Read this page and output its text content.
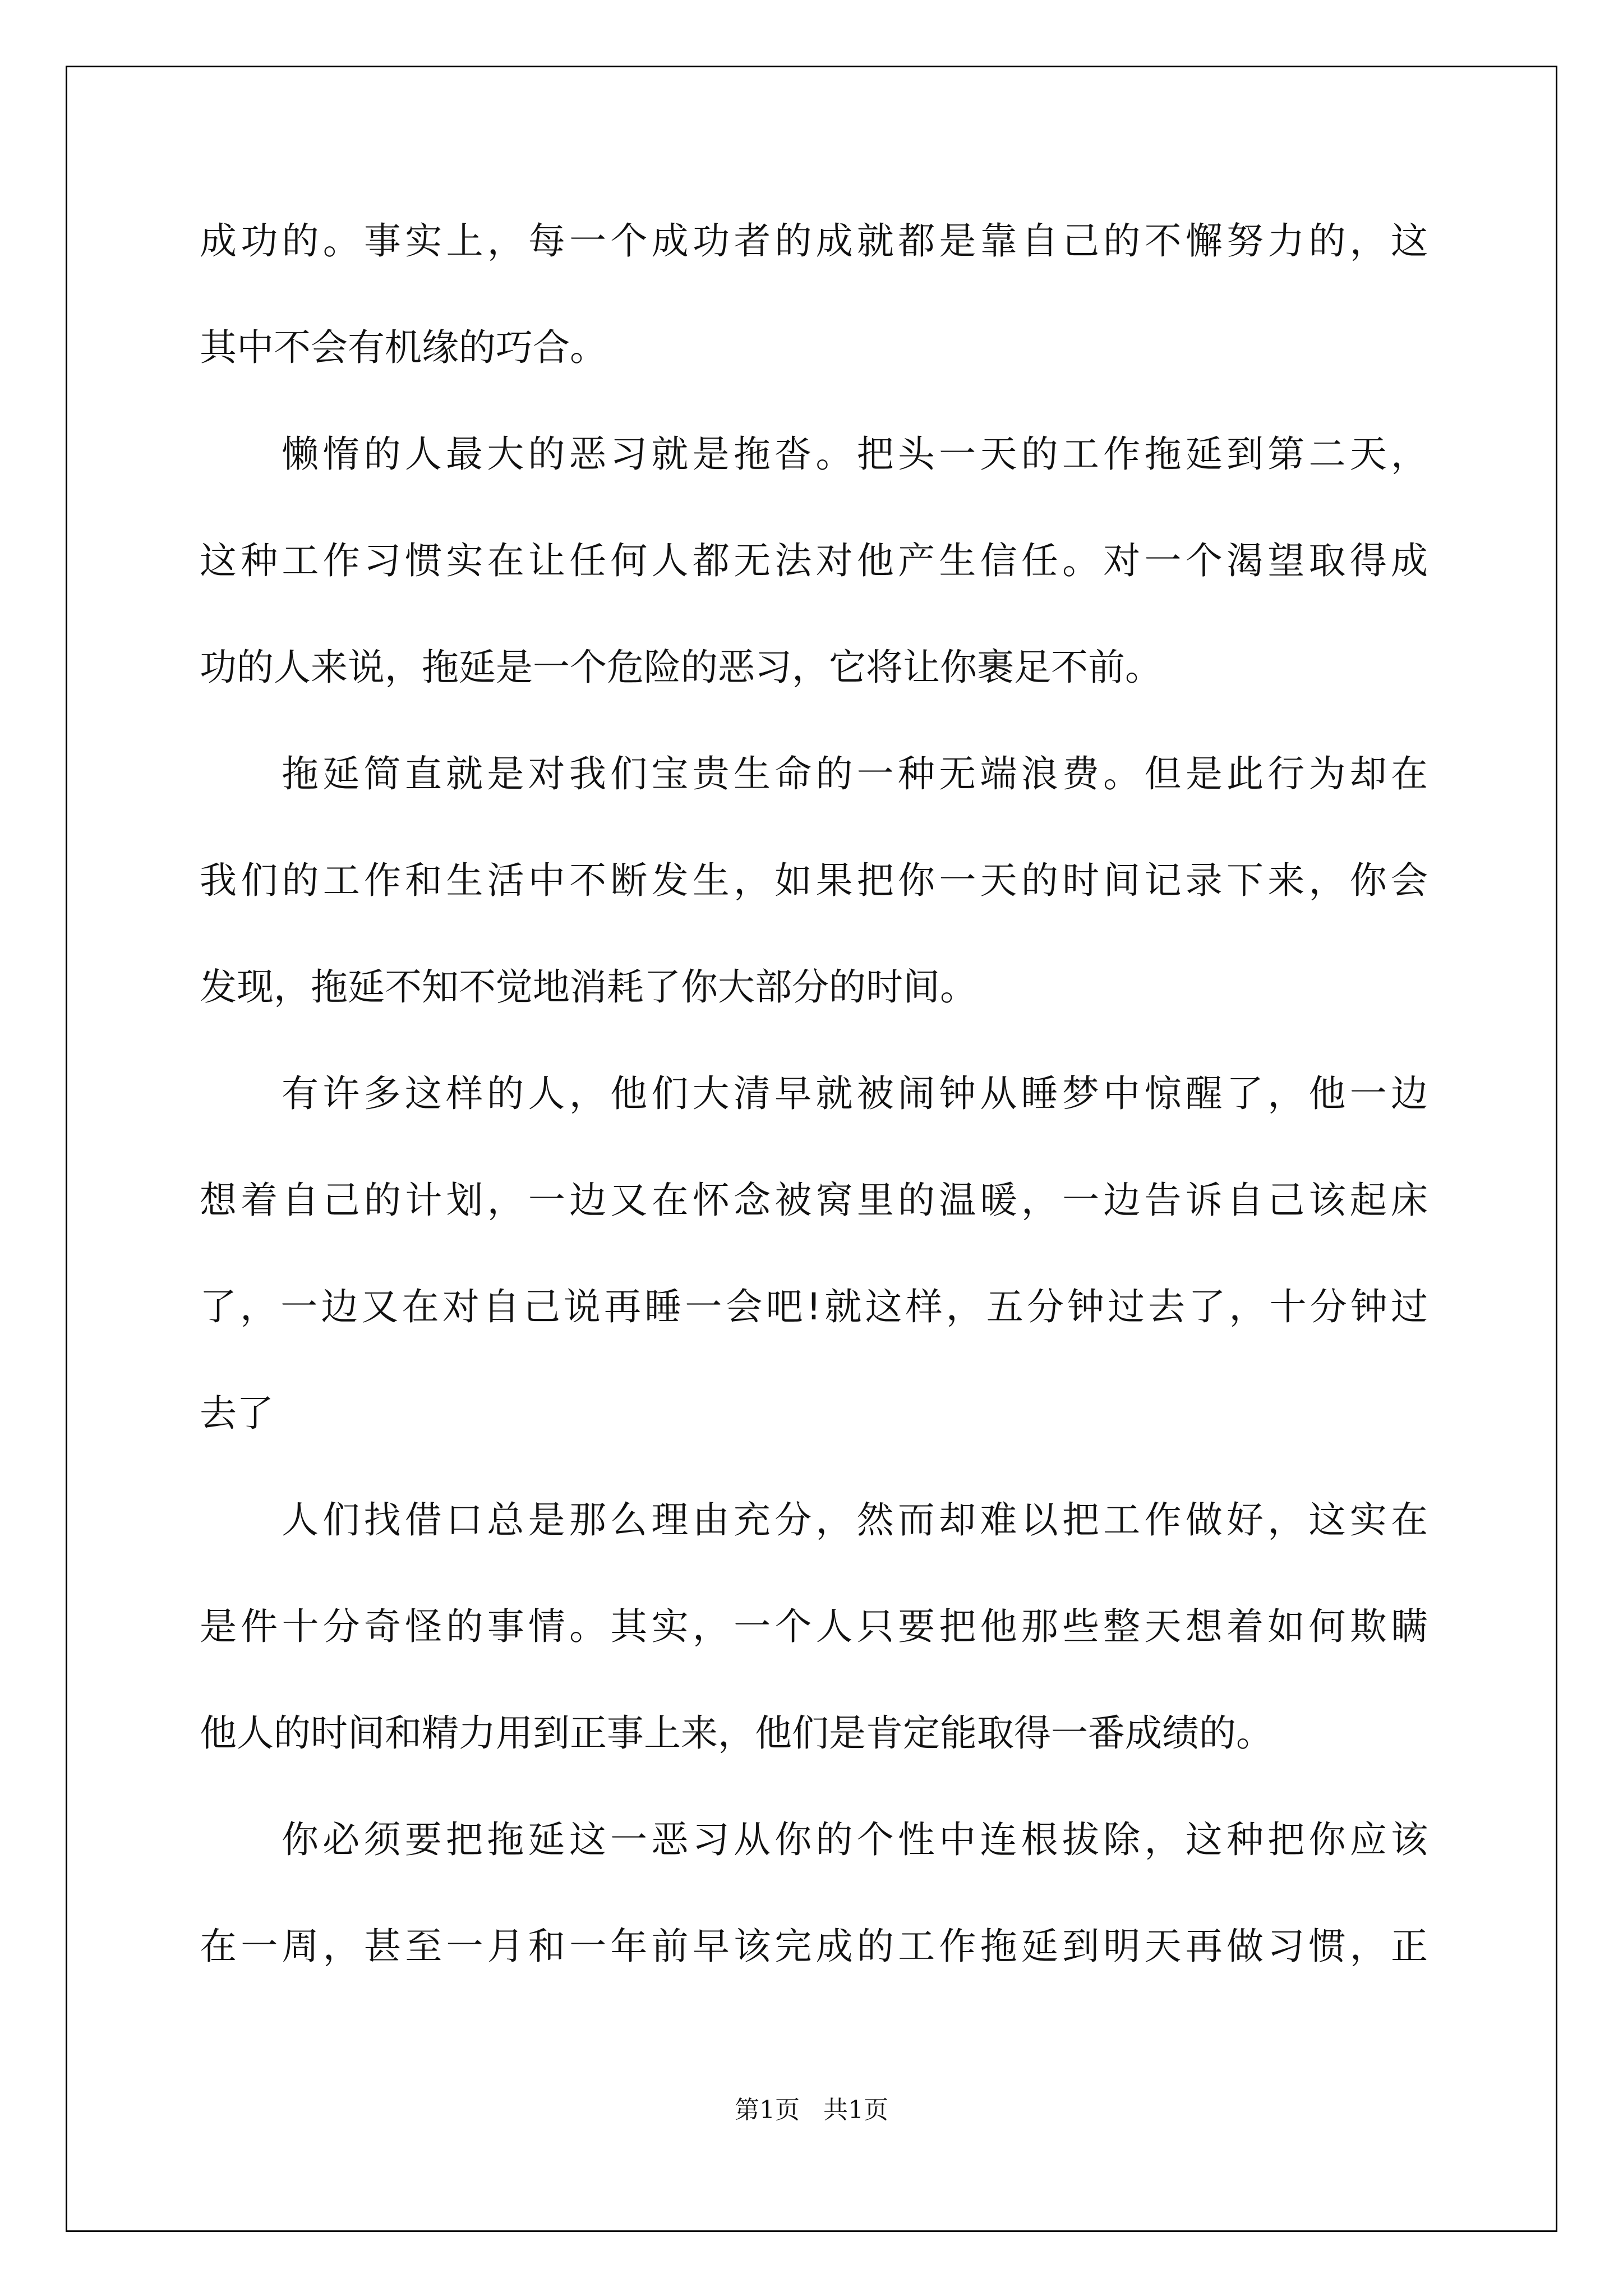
成功的。事实上，每一个成功者的成就都是靠自己的不懈努力的，这
其中不会有机缘的巧合。
懒惰的人最大的恶习就是拖沓。把头一天的工作拖延到第二天，
这种工作习惯实在让任何人都无法对他产生信任。对一个渴望取得成
功的人来说，拖延是一个危险的恶习，它将让你裹足不前。
拖延简直就是对我们宝贵生命的一种无端浪费。但是此行为却在
我们的工作和生活中不断发生，如果把你一天的时间记录下来，你会
发现，拖延不知不觉地消耗了你大部分的时间。
有许多这样的人，他们大清早就被闹钟从睡梦中惊醒了，他一边
想着自己的计划，一边又在怀念被窝里的温暖，一边告诉自己该起床
了，一边又在对自己说再睡一会吧!就这样，五分钟过去了，十分钟过
去了
人们找借口总是那么理由充分，然而却难以把工作做好，这实在
是件十分奇怪的事情。其实，一个人只要把他那些整天想着如何欺瞒
他人的时间和精力用到正事上来，他们是肯定能取得一番成绩的。
你必须要把拖延这一恶习从你的个性中连根拔除，这种把你应该
在一周，甚至一月和一年前早该完成的工作拖延到明天再做习惯，正
第1页   共1页
